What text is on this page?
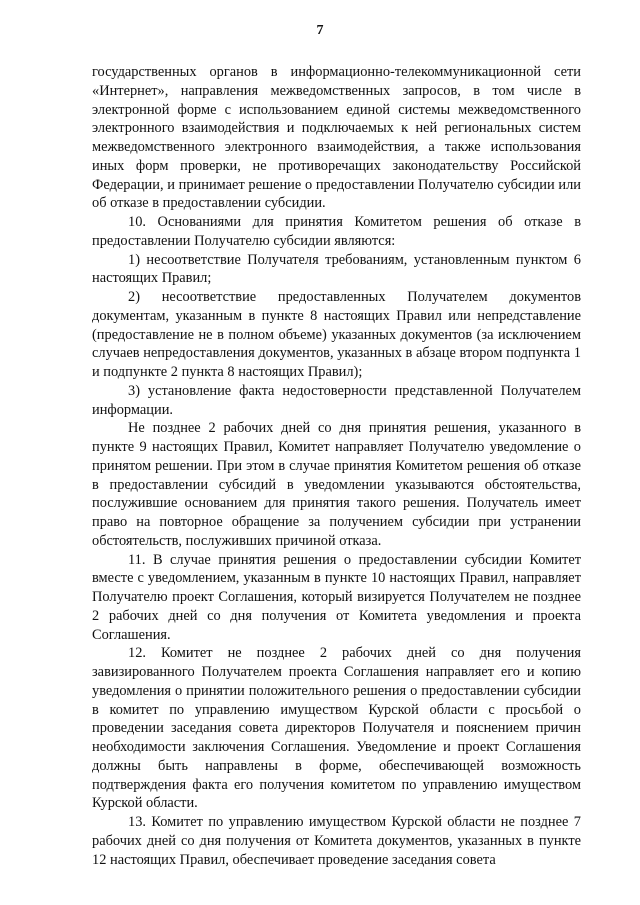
7

государственных органов в информационно-телекоммуникационной сети «Интернет», направления межведомственных запросов, в том числе в электронной форме с использованием единой системы межведомственного электронного взаимодействия и подключаемых к ней региональных систем межведомственного электронного взаимодействия, а также использования иных форм проверки, не противоречащих законодательству Российской Федерации, и принимает решение о предоставлении Получателю субсидии или об отказе в предоставлении субсидии.

10. Основаниями для принятия Комитетом решения об отказе в предоставлении Получателю субсидии являются:

1) несоответствие Получателя требованиям, установленным пунктом 6 настоящих Правил;

2) несоответствие предоставленных Получателем документов документам, указанным в пункте 8 настоящих Правил или непредставление (предоставление не в полном объеме) указанных документов (за исключением случаев непредоставления документов, указанных в абзаце втором подпункта 1 и подпункте 2 пункта 8 настоящих Правил);

3) установление факта недостоверности представленной Получателем информации.

Не позднее 2 рабочих дней со дня принятия решения, указанного в пункте 9 настоящих Правил, Комитет направляет Получателю уведомление о принятом решении. При этом в случае принятия Комитетом решения об отказе в предоставлении субсидий в уведомлении указываются обстоятельства, послужившие основанием для принятия такого решения. Получатель имеет право на повторное обращение за получением субсидии при устранении обстоятельств, послуживших причиной отказа.

11. В случае принятия решения о предоставлении субсидии Комитет вместе с уведомлением, указанным в пункте 10 настоящих Правил, направляет Получателю проект Соглашения, который визируется Получателем не позднее 2 рабочих дней со дня получения от Комитета уведомления и проекта Соглашения.

12. Комитет не позднее 2 рабочих дней со дня получения завизированного Получателем проекта Соглашения направляет его и копию уведомления о принятии положительного решения о предоставлении субсидии в комитет по управлению имуществом Курской области с просьбой о проведении заседания совета директоров Получателя и пояснением причин необходимости заключения Соглашения. Уведомление и проект Соглашения должны быть направлены в форме, обеспечивающей возможность подтверждения факта его получения комитетом по управлению имуществом Курской области.

13. Комитет по управлению имуществом Курской области не позднее 7 рабочих дней со дня получения от Комитета документов, указанных в пункте 12 настоящих Правил, обеспечивает проведение заседания совета
